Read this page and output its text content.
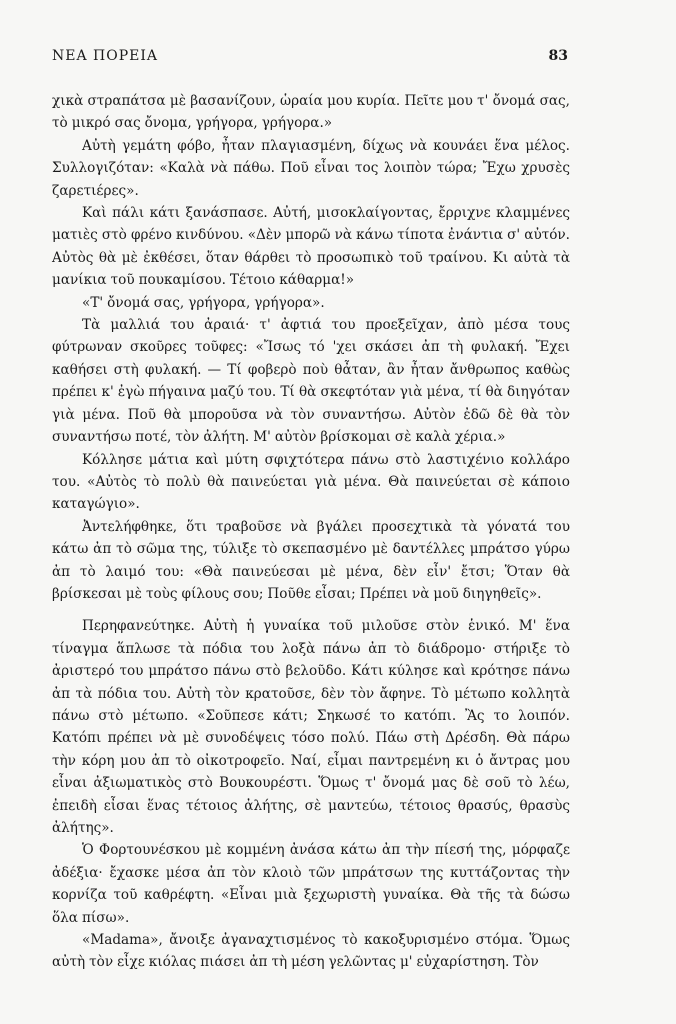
ΝΕΑ ΠΟΡΕΙΑ	83

χικὰ στραπάτσα μὲ βασανίζουν, ὡραία μου κυρία. Πεῖτε μου τ' ὄνομά σας, τὸ μικρό σας ὄνομα, γρήγορα, γρήγορα.»

Αὐτὴ γεμάτη φόβο, ἦταν πλαγιασμένη, δίχως νὰ κουνάει ἕνα μέλος. Συλλογιζόταν: «Καλὰ νὰ πάθω. Ποῦ εἶναι τος λοιπὸν τώρα; Ἔχω χρυσὲς ζαρετιέρες».

Καὶ πάλι κάτι ξανάσπασε. Αὐτή, μισοκλαίγοντας, ἔρριχνε κλαμμένες ματιὲς στὸ φρένο κινδύνου. «Δὲν μπορῶ νὰ κάνω τίποτα ἐνάντια σ' αὐτόν. Αὐτὸς θὰ μὲ ἐκθέσει, ὅταν θάρθει τὸ προσωπικὸ τοῦ τραίνου. Κι αὐτὰ τὰ μανίκια τοῦ πουκαμίσου. Τέτοιο κάθαρμα!»

«Τ' ὄνομά σας, γρήγορα, γρήγορα».

Τὰ μαλλιά του ἀραιά· τ' ἀφτιά του προεξεῖχαν, ἀπὸ μέσα τους φύτρωναν σκοῦρες τοῦφες: «Ἴσως τό 'χει σκάσει ἀπ τὴ φυλακή. Ἔχει καθήσει στὴ φυλακή. — Τί φοβερὸ ποὺ θἆταν, ἂν ἦταν ἄνθρωπος καθὼς πρέπει κ' ἐγὼ πήγαινα μαζύ του. Τί θὰ σκεφτόταν γιὰ μένα, τί θὰ διηγόταν γιὰ μένα. Ποῦ θὰ μποροῦσα νὰ τὸν συναντήσω. Αὐτὸν ἐδῶ δὲ θὰ τὸν συναντήσω ποτέ, τὸν ἀλήτη. Μ' αὐτὸν βρίσκομαι σὲ καλὰ χέρια.»

Κόλλησε μάτια καὶ μύτη σφιχτότερα πάνω στὸ λαστιχένιο κολλάρο του. «Αὐτὸς τὸ πολὺ θὰ παινεύεται γιὰ μένα. Θὰ παινεύεται σὲ κάποιο καταγώγιο».

Ἀντελήφθηκε, ὅτι τραβοῦσε νὰ βγάλει προσεχτικὰ τὰ γόνατά του κάτω ἀπ τὸ σῶμα της, τύλιξε τὸ σκεπασμένο μὲ δαντέλλες μπράτσο γύρω ἀπ τὸ λαιμό του: «Θὰ παινεύεσαι μὲ μένα, δὲν εἶν' ἔτσι; Ὅταν θὰ βρίσκεσαι μὲ τοὺς φίλους σου; Ποῦθε εἶσαι; Πρέπει νὰ μοῦ διηγηθεῖς».

Περηφανεύτηκε. Αὐτὴ ἡ γυναίκα τοῦ μιλοῦσε στὸν ἑνικό. Μ' ἕνα τίναγμα ἅπλωσε τὰ πόδια του λοξὰ πάνω ἀπ τὸ διάδρομο· στήριξε τὸ ἀριστερό του μπράτσο πάνω στὸ βελοῦδο. Κάτι κύλησε καὶ κρότησε πάνω ἀπ τὰ πόδια του. Αὐτὴ τὸν κρατοῦσε, δὲν τὸν ἄφηνε. Τὸ μέτωπο κολλητὰ πάνω στὸ μέτωπο. «Σοῦπεσε κάτι; Σηκωσέ το κατόπι. Ἂς το λοιπόν. Κατόπι πρέπει νὰ μὲ συνοδέψεις τόσο πολύ. Πάω στὴ Δρέσδη. Θὰ πάρω τὴν κόρη μου ἀπ τὸ οἰκοτροφεῖο. Ναί, εἶμαι παντρεμένη κι ὁ ἄντρας μου εἶναι ἀξιωματικὸς στὸ Βουκουρέστι. Ὅμως τ' ὄνομά μας δὲ σοῦ τὸ λέω, ἐπειδὴ εἶσαι ἕνας τέτοιος ἀλήτης, σὲ μαντεύω, τέτοιος θρασύς, θρασὺς ἀλήτης».

Ὁ Φορτουνέσκου μὲ κομμένη ἀνάσα κάτω ἀπ τὴν πίεσή της, μόρφαζε ἀδέξια· ἔχασκε μέσα ἀπ τὸν κλοιὸ τῶν μπράτσων της κυττάζοντας τὴν κορνίζα τοῦ καθρέφτη. «Εἶναι μιὰ ξεχωριστὴ γυναίκα. Θὰ τῆς τὰ δώσω ὅλα πίσω».

«Madama», ἄνοιξε ἀγαναχτισμένος τὸ κακοξυρισμένο στόμα. Ὅμως αὐτὴ τὸν εἶχε κιόλας πιάσει ἀπ τὴ μέση γελῶντας μ' εὐχαρίστηση. Τὸν
